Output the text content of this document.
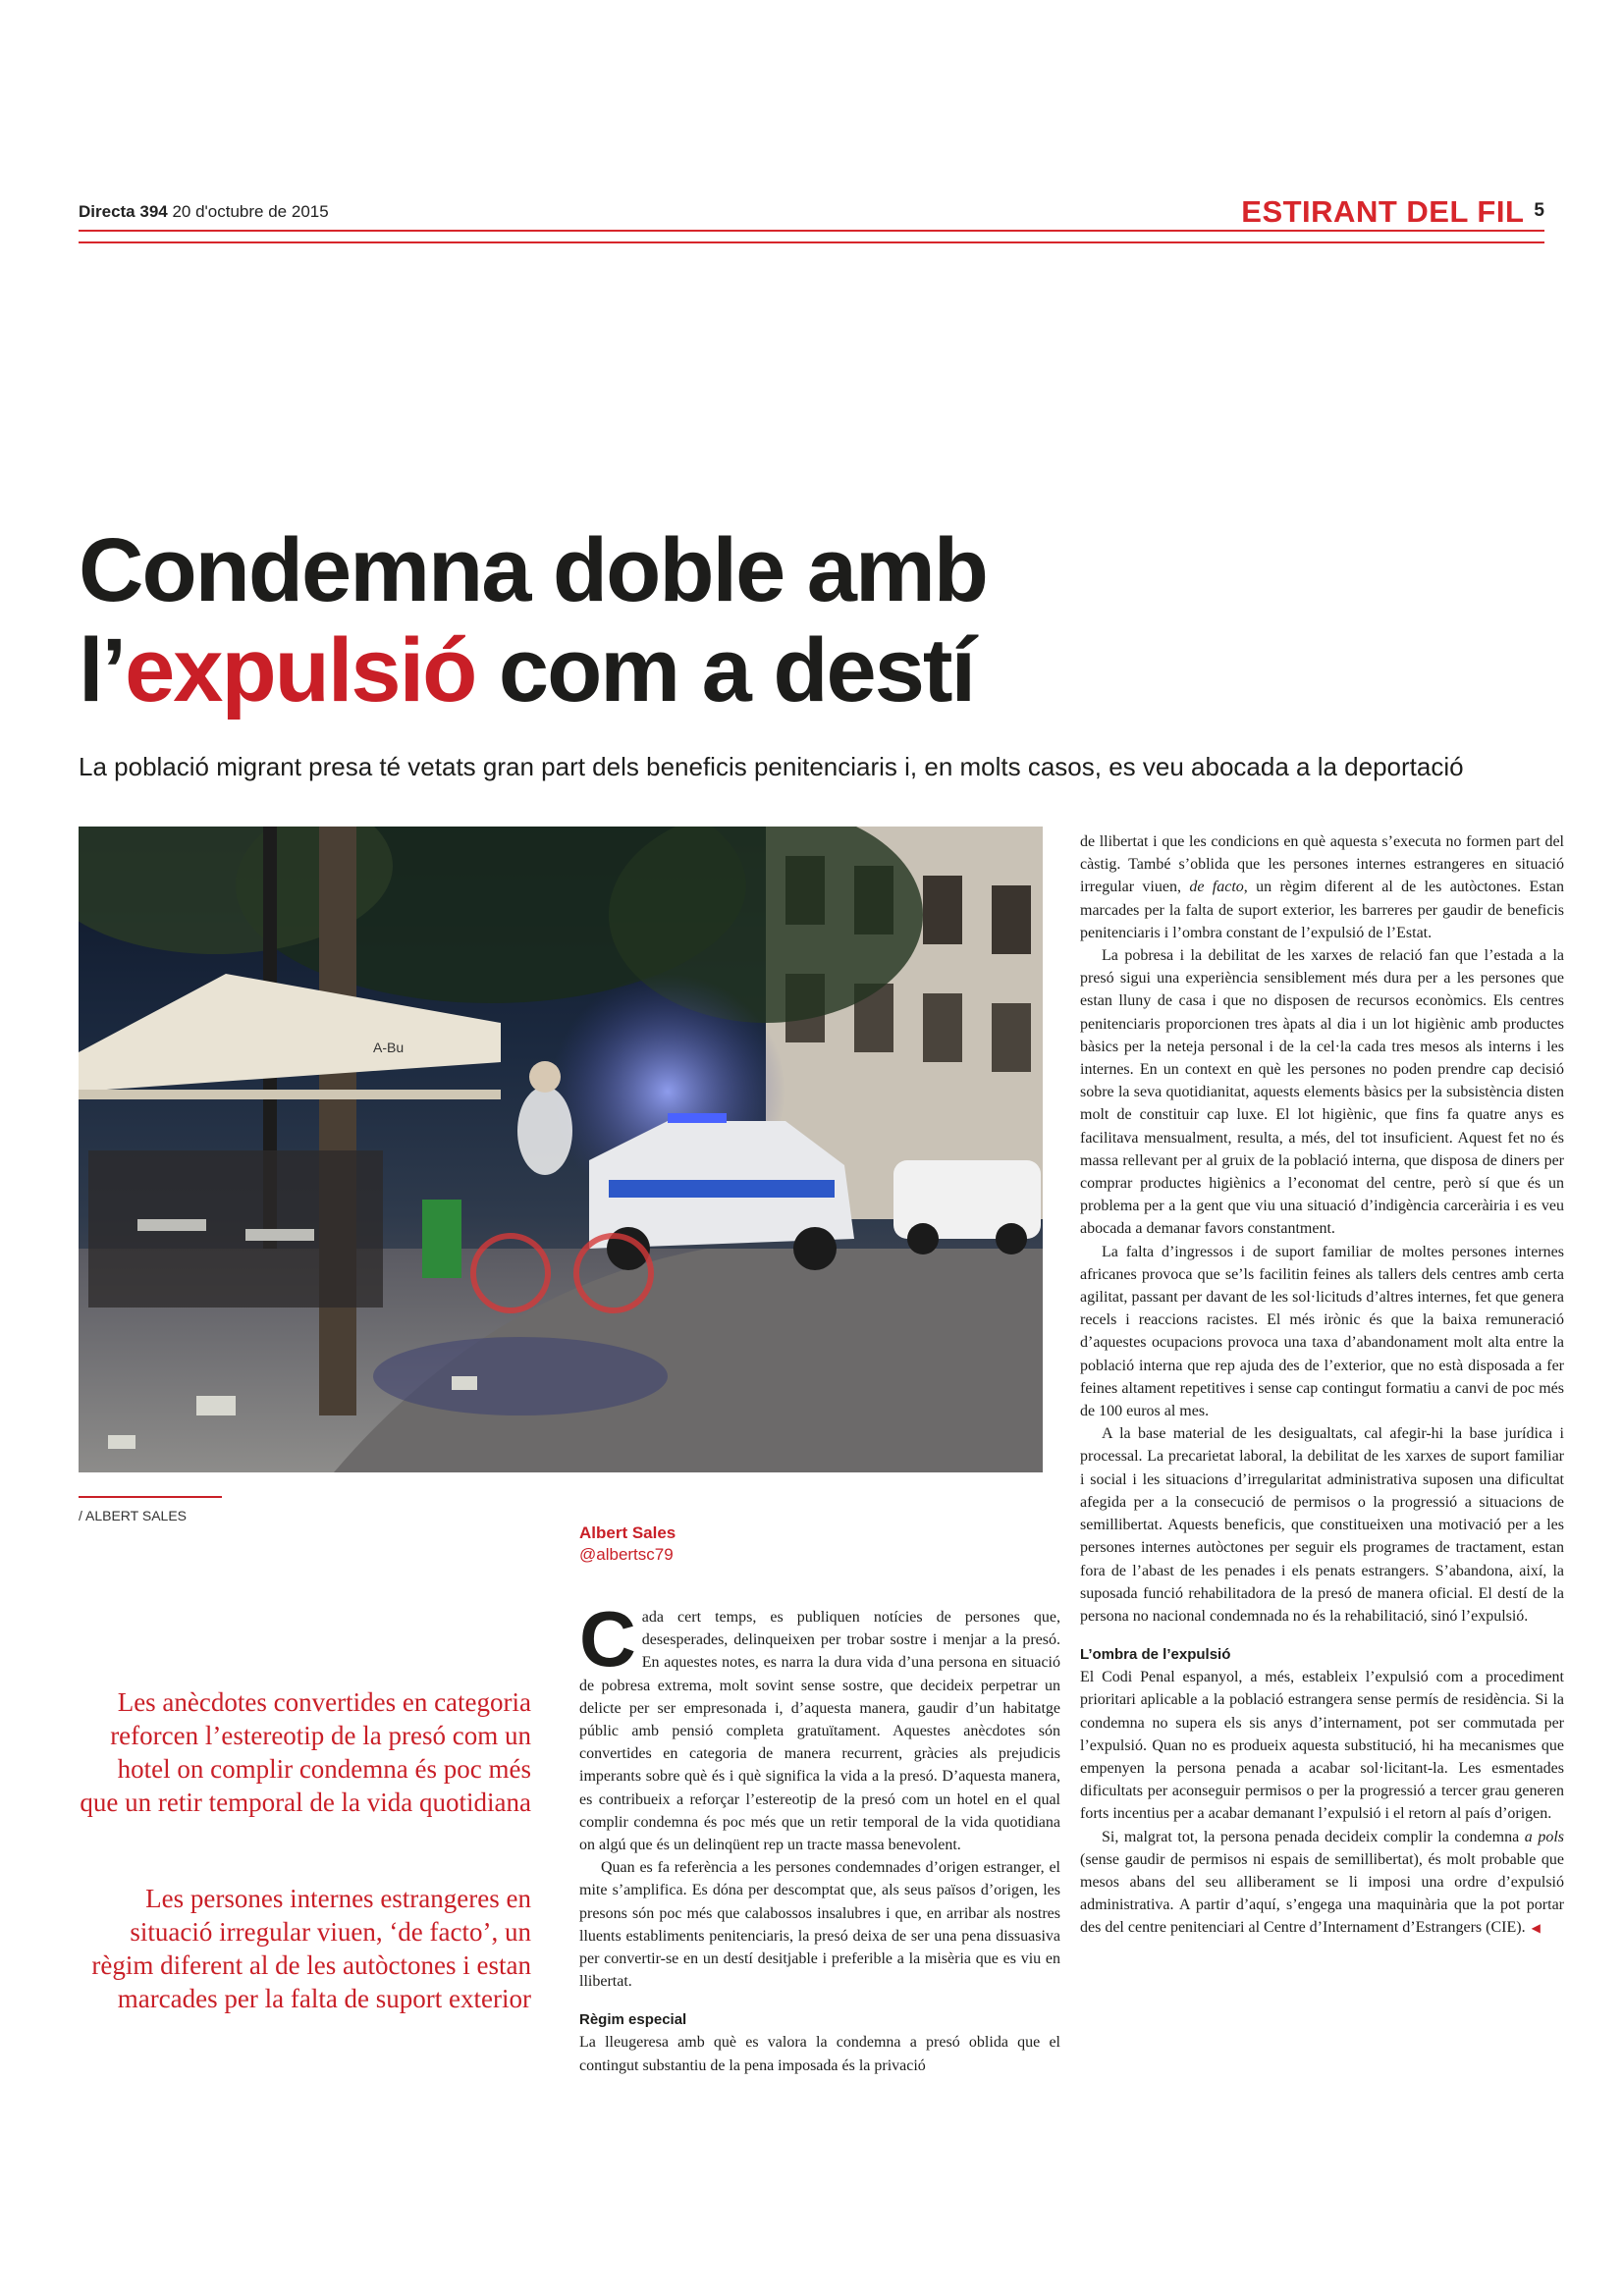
Directa 394 20 d'octubre de 2015	ESTIRANT DEL FIL 5
Condemna doble amb
l’expulsió com a destí
La població migrant presa té vetats gran part dels beneficis penitenciaris i, en molts casos, es veu abocada a la deportació
A-Bu
/ ALBERT SALES
Albert Sales
@albertsc79

Les anècdotes convertides en categoria reforcen l’estereotip de la presó com un hotel on complir condemna és poc més que un retir temporal de la vida quotidiana

Les persones internes estrangeres en situació irregular viuen, ‘de facto’, un règim diferent al de les autòctones i estan marcades per la falta de suport exterior

Cada cert temps, es publiquen notícies de persones que, desesperades, delinqueixen per trobar sostre i menjar a la presó. En aquestes notes, es narra la dura vida d’una persona en situació de pobresa extrema, molt sovint sense sostre, que decideix perpetrar un delicte per ser empresonada i, d’aquesta manera, gaudir d’un habitatge públic amb pensió completa gratuïtament. Aquestes anècdotes són convertides en categoria de manera recurrent, gràcies als prejudicis imperants sobre què és i què significa la vida a la presó. D’aquesta manera, es contribueix a reforçar l’estereotip de la presó com un hotel en el qual complir condemna és poc més que un retir temporal de la vida quotidiana on algú que és un delinqüent rep un tracte massa benevolent.

Quan es fa referència a les persones condemnades d’origen estranger, el mite s’amplifica. Es dóna per descomptat que, als seus països d’origen, les presons són poc més que calabossos insalubres i que, en arribar als nostres lluents establiments penitenciaris, la presó deixa de ser una pena dissuasiva per convertir-se en un destí desitjable i preferible a la misèria que es viu en llibertat.

Règim especial

La lleugeresa amb què es valora la condemna a presó oblida que el contingut substantiu de la pena imposada és la privació

de llibertat i que les condicions en què aquesta s’executa no formen part del càstig. També s’oblida que les persones internes estrangeres en situació irregular viuen, de facto, un règim diferent al de les autòctones. Estan marcades per la falta de suport exterior, les barreres per gaudir de beneficis penitenciaris i l’ombra constant de l’expulsió de l’Estat.

La pobresa i la debilitat de les xarxes de relació fan que l’estada a la presó sigui una experiència sensiblement més dura per a les persones que estan lluny de casa i que no disposen de recursos econòmics. Els centres penitenciaris proporcionen tres àpats al dia i un lot higiènic amb productes bàsics per la neteja personal i de la cel·la cada tres mesos als interns i les internes. En un context en què les persones no poden prendre cap decisió sobre la seva quotidianitat, aquests elements bàsics per la subsistència disten molt de constituir cap luxe. El lot higiènic, que fins fa quatre anys es facilitava mensualment, resulta, a més, del tot insuficient. Aquest fet no és massa rellevant per al gruix de la població interna, que disposa de diners per comprar productes higiènics a l’economat del centre, però sí que és un problema per a la gent que viu una situació d’indigència carceràiria i es veu abocada a demanar favors constantment.

La falta d’ingressos i de suport familiar de moltes persones internes africanes provoca que se’ls facilitin feines als tallers dels centres amb certa agilitat, passant per davant de les sol·licituds d’altres internes, fet que genera recels i reaccions racistes. El més irònic és que la baixa remuneració d’aquestes ocupacions provoca una taxa d’abandonament molt alta entre la població interna que rep ajuda des de l’exterior, que no està disposada a fer feines altament repetitives i sense cap contingut formatiu a canvi de poc més de 100 euros al mes.

A la base material de les desigualtats, cal afegir-hi la base jurídica i processal. La precarietat laboral, la debilitat de les xarxes de suport familiar i social i les situacions d’irregularitat administrativa suposen una dificultat afegida per a la consecució de permisos o la progressió a situacions de semillibertat. Aquests beneficis, que constitueixen una motivació per a les persones internes autòctones per seguir els programes de tractament, estan fora de l’abast de les penades i els penats estrangers. S’abandona, així, la suposada funció rehabilitadora de la presó de manera oficial. El destí de la persona no nacional condemnada no és la rehabilitació, sinó l’expulsió.

L’ombra de l’expulsió

El Codi Penal espanyol, a més, estableix l’expulsió com a procediment prioritari aplicable a la població estrangera sense permís de residència. Si la condemna no supera els sis anys d’internament, pot ser commutada per l’expulsió. Quan no es produeix aquesta substitució, hi ha mecanismes que empenyen la persona penada a acabar sol·licitant-la. Les esmentades dificultats per aconseguir permisos o per la progressió a tercer grau generen forts incentius per a acabar demanant l’expulsió i el retorn al país d’origen.

Si, malgrat tot, la persona penada decideix complir la condemna a pols (sense gaudir de permisos ni espais de semillibertat), és molt probable que mesos abans del seu alliberament se li imposi una ordre d’expulsió administrativa. A partir d’aquí, s’engega una maquinària que la pot portar des del centre penitenciari al Centre d’Internament d’Estrangers (CIE). ◀
